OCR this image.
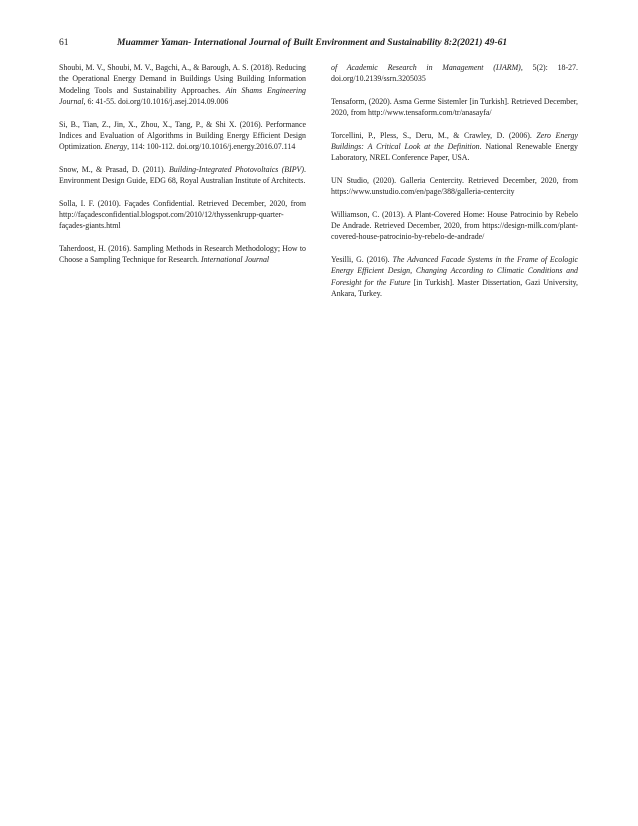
61	Muammer Yaman- International Journal of Built Environment and Sustainability 8:2(2021) 49-61

Shoubi, M. V., Shoubi, M. V., Bagchi, A., & Barough, A. S. (2018). Reducing the Operational Energy Demand in Buildings Using Building Information Modeling Tools and Sustainability Approaches. Ain Shams Engineering Journal, 6: 41-55. doi.org/10.1016/j.asej.2014.09.006

Si, B., Tian, Z., Jin, X., Zhou, X., Tang, P., & Shi X. (2016). Performance Indices and Evaluation of Algorithms in Building Energy Efficient Design Optimization. Energy, 114: 100-112. doi.org/10.1016/j.energy.2016.07.114

Snow, M., & Prasad, D. (2011). Building-Integrated Photovoltaics (BIPV). Environment Design Guide, EDG 68, Royal Australian Institute of Architects.

Solla, I. F. (2010). Façades Confidential. Retrieved December, 2020, from http://façadesconfidential.blogspot.com/2010/12/thyssenkrupp-quarter-façades-giants.html

Taherdoost, H. (2016). Sampling Methods in Research Methodology; How to Choose a Sampling Technique for Research. International Journal

of Academic Research in Management (IJARM), 5(2): 18-27. doi.org/10.2139/ssrn.3205035

Tensaform, (2020). Asma Germe Sistemler [in Turkish]. Retrieved December, 2020, from http://www.tensaform.com/tr/anasayfa/

Torcellini, P., Pless, S., Deru, M., & Crawley, D. (2006). Zero Energy Buildings: A Critical Look at the Definition. National Renewable Energy Laboratory, NREL Conference Paper, USA.

UN Studio, (2020). Galleria Centercity. Retrieved December, 2020, from https://www.unstudio.com/en/page/388/galleria-centercity

Williamson, C. (2013). A Plant-Covered Home: House Patrocinio by Rebelo De Andrade. Retrieved December, 2020, from https://design-milk.com/plant-covered-house-patrocinio-by-rebelo-de-andrade/

Yesilli, G. (2016). The Advanced Facade Systems in the Frame of Ecologic Energy Efficient Design, Changing According to Climatic Conditions and Foresight for the Future [in Turkish]. Master Dissertation, Gazi University, Ankara, Turkey.
